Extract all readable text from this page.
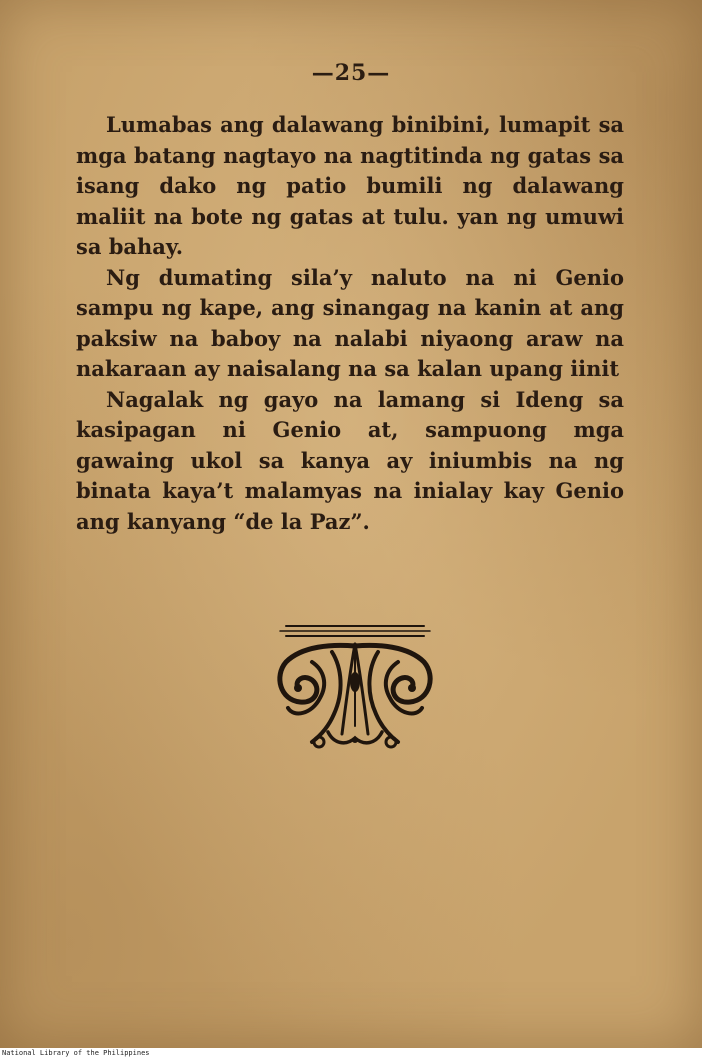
—25—

Lumabas ang dalawang binibini, lumapit sa mga batang nagtayo na nagtitinda ng gatas sa isang dako ng patio bumili ng dalawang maliit na bote ng gatas at tulu. yan ng umuwi sa bahay.

Ng dumating sila’y naluto na ni Genio sampu ng kape, ang sinangag na kanin at ang paksiw na baboy na nalabi niyaong araw na nakaraan ay naisalang na sa kalan upang iinit

Nagalak ng gayo na lamang si Ideng sa kasipagan ni Genio at, sampuong mga gawaing ukol sa kanya ay iniumbis na ng binata kaya’t malamyas na inialay kay Genio ang kanyang “de la Paz”.

National Library of the Philippines
